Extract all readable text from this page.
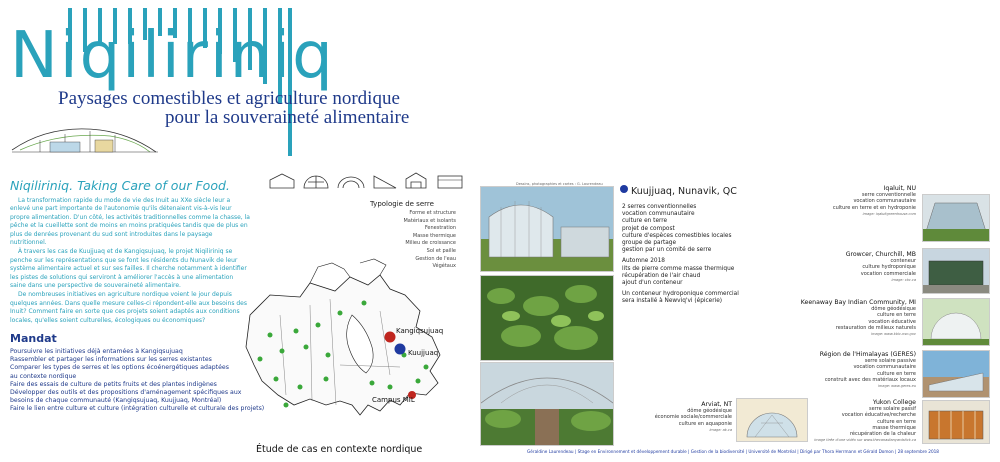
Niqiliriniq
Paysages comestibles et agriculture nordique
pour la souveraineté alimentaire
Niqiliriniq. Taking Care of our Food.

La transformation rapide du mode de vie des Inuit au XXe siècle leur a enlevé une part importante de l'autonomie qu'ils détenaient vis-à-vis leur propre alimentation. D'un côté, les activités traditionnelles comme la chasse, la pêche et la cueillette sont de moins en moins pratiquées tandis que de plus en plus de denrées provenant du sud sont introduites dans le paysage nutritionnel.

À travers les cas de Kuujjuaq et de Kangiqsujuaq, le projet Niqiliriniq se penche sur les représentations que se font les résidents du Nunavik de leur système alimentaire actuel et sur ses failles. Il cherche notamment à identifier les pistes de solutions qui serviront à améliorer l'accès à une alimentation saine dans une perspective de souveraineté alimentaire.

De nombreuses initiatives en agriculture nordique voient le jour depuis quelques années. Dans quelle mesure celles-ci répondent-elle aux besoins des Inuit? Comment faire en sorte que ces projets soient adaptés aux conditions locales, qu'elles soient culturelles, écologiques ou économiques?

Mandat
Poursuivre les initiatives déjà entamées à Kangiqsujuaq
Rassembler et partager les informations sur les serres existantes
Comparer les types de serres et les options écoénergétiques adaptées
au contexte nordique
Faire des essais de culture de petits fruits et des plantes indigènes
Développer des outils et des propositions d'aménagement spécifiques aux
besoins de chaque communauté (Kangiqsujuaq, Kuujjuaq, Montréal)
Faire le lien entre culture et culture (intégration culturelle et culturale des projets)
Typologie de serre
Forme et structure
Matériaux et isolants
Fenestration
Masse thermique
Milieu de croissance
Sol et paille
Gestion de l'eau
Végétaux
Kangiqsujuaq
Kuujjuaq
Campus MIL
Étude de cas en contexte nordique
Dessins, photographies et cartes : G. Laurendeau
Kuujjuaq, Nunavik, QC
2 serres conventionnelles
vocation communautaire
culture en terre
projet de compost
culture d'espèces comestibles locales
groupe de partage
gestion par un comité de serre
Automne 2018
lits de pierre comme masse thermique
récupération de l'air chaud
ajout d'un conteneur
Un conteneur hydroponique commercial
sera installé à Newviq'vi (épicerie)
Arviat, NT
dôme géodésique
économie sociale/commerciale
culture en aquaponie
image: ak.ca
Iqaluit, NU
serre conventionnelle
vocation communautaire
culture en terre et en hydroponie
image: iqaluitgreenhouse.com
Growcer, Churchill, MB
conteneur
culture hydroponique
vocation commerciale
image: cbc.ca
Keenaway Bay Indian Community, MI
dôme géodésique
culture en terre
vocation éducative
restauration de milieux naturels
image: www.kbic-nsn.gov
Région de l'Himalayas (GERES)
serre solaire passive
vocation communautaire
culture en terre
construit avec des matériaux locaux
image: www.geres.eu
Yukon College
serre solaire passif
vocation éducative/recherche
culture en terre
masse thermique
récupération de la chaleur
image tirée d'une vidéo sur www.thecanadianyardstick.ca
Géraldine Laurendeau | Stage en Environnement et développement durable | Gestion de la biodiversité | Université de Montréal | Dirigé par Thora Herrmann et Gérald Domon | 28 septembre 2018
